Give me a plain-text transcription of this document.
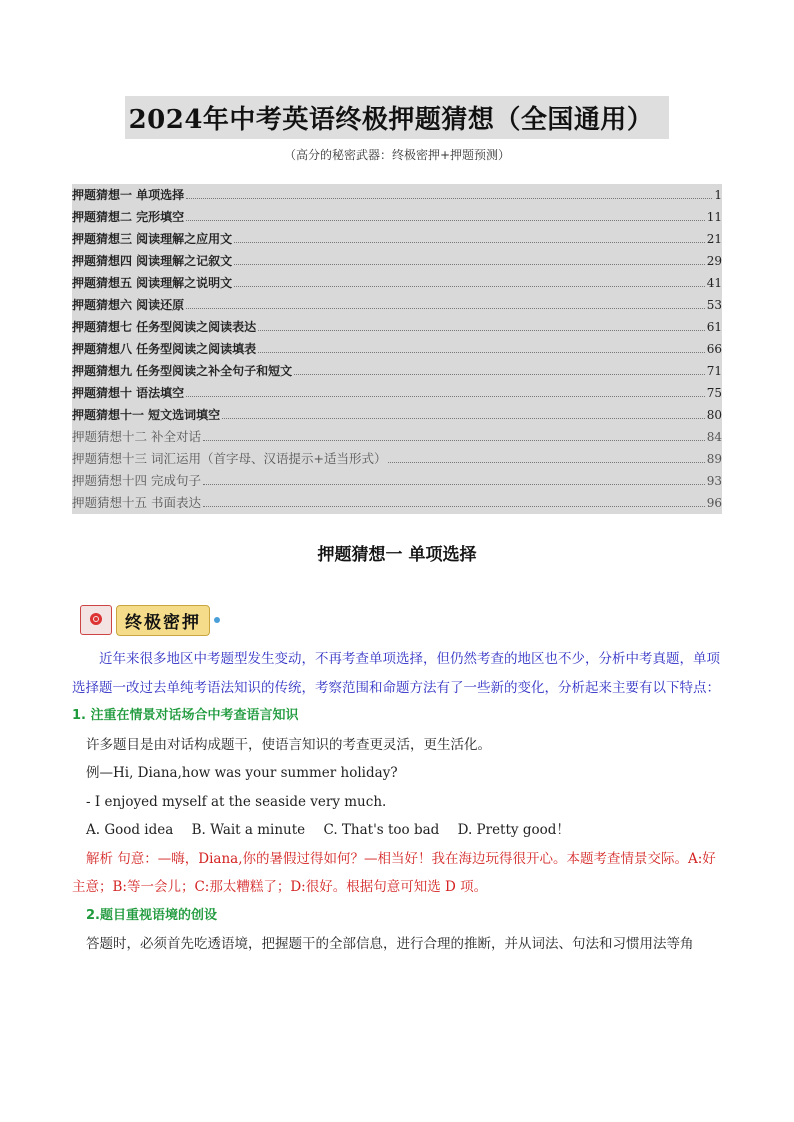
2024年中考英语终极押题猜想（全国通用）
（高分的秘密武器：终极密押+押题预测）
押题猜想一 单项选择	1
押题猜想二 完形填空	11
押题猜想三 阅读理解之应用文	21
押题猜想四 阅读理解之记叙文	29
押题猜想五 阅读理解之说明文	41
押题猜想六 阅读还原	53
押题猜想七 任务型阅读之阅读表达	61
押题猜想八 任务型阅读之阅读填表	66
押题猜想九 任务型阅读之补全句子和短文	71
押题猜想十 语法填空	75
押题猜想十一 短文选词填空	80
押题猜想十二 补全对话	84
押题猜想十三 词汇运用（首字母、汉语提示+适当形式）	89
押题猜想十四 完成句子	93
押题猜想十五 书面表达	96
押题猜想一 单项选择
终极密押

近年来很多地区中考题型发生变动，不再考查单项选择，但仍然考查的地区也不少，分析中考真题，单项选择题一改过去单纯考语法知识的传统，考察范围和命题方法有了一些新的变化，分析起来主要有以下特点：

1. 注重在情景对话场合中考查语言知识

许多题目是由对话构成题干，使语言知识的考查更灵活，更生活化。

例—Hi, Diana,how was your summer holiday?

- I enjoyed myself at the seaside very much.

A. Good idea B. Wait a minute C. That's too bad D. Pretty good！

解析 句意：—嗨，Diana,你的暑假过得如何？—相当好！我在海边玩得很开心。本题考查情景交际。A:好主意；B:等一会儿；C:那太糟糕了；D:很好。根据句意可知选 D 项。

2.题目重视语境的创设

答题时，必须首先吃透语境，把握题干的全部信息，进行合理的推断，并从词法、句法和习惯用法等角
